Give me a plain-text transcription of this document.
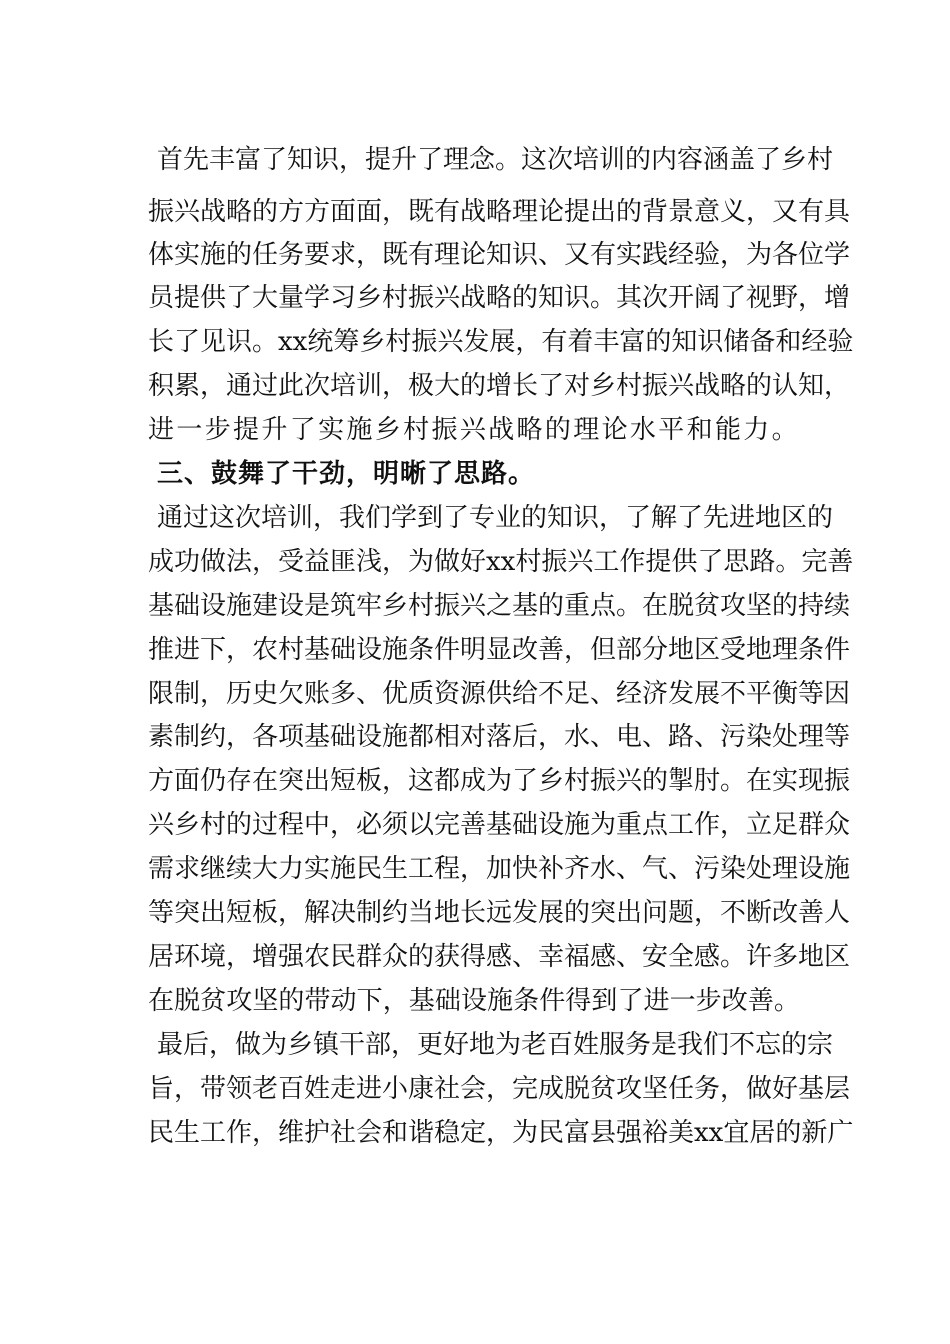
首先丰富了知识，提升了理念。这次培训的内容涵盖了乡村
振兴战略的方方面面，既有战略理论提出的背景意义，又有具
体实施的任务要求，既有理论知识、又有实践经验，为各位学
员提供了大量学习乡村振兴战略的知识。其次开阔了视野，增
长了见识。xx统筹乡村振兴发展，有着丰富的知识储备和经验
积累，通过此次培训，极大的增长了对乡村振兴战略的认知，
进一步提升了实施乡村振兴战略的理论水平和能力。
三、鼓舞了干劲，明晰了思路。
通过这次培训，我们学到了专业的知识，了解了先进地区的
成功做法，受益匪浅，为做好xx村振兴工作提供了思路。完善
基础设施建设是筑牢乡村振兴之基的重点。在脱贫攻坚的持续
推进下，农村基础设施条件明显改善，但部分地区受地理条件
限制，历史欠账多、优质资源供给不足、经济发展不平衡等因
素制约，各项基础设施都相对落后，水、电、路、污染处理等
方面仍存在突出短板，这都成为了乡村振兴的掣肘。在实现振
兴乡村的过程中，必须以完善基础设施为重点工作，立足群众
需求继续大力实施民生工程，加快补齐水、气、污染处理设施
等突出短板，解决制约当地长远发展的突出问题，不断改善人
居环境，增强农民群众的获得感、幸福感、安全感。许多地区
在脱贫攻坚的带动下，基础设施条件得到了进一步改善。
最后，做为乡镇干部，更好地为老百姓服务是我们不忘的宗
旨，带领老百姓走进小康社会，完成脱贫攻坚任务，做好基层
民生工作，维护社会和谐稳定，为民富县强裕美xx宜居的新广
